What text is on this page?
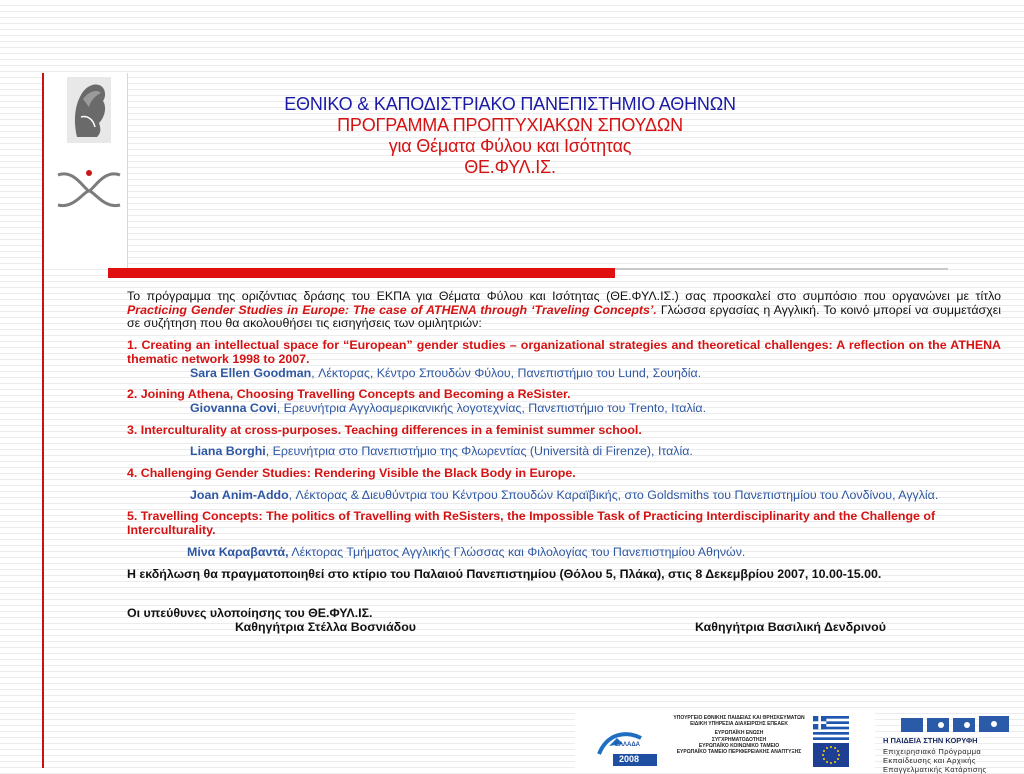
ΕΘΝΙΚΟ & ΚΑΠΟΔΙΣΤΡΙΑΚΟ ΠΑΝΕΠΙΣΤΗΜΙΟ ΑΘΗΝΩΝ
ΠΡΟΓΡΑΜΜΑ ΠΡΟΠΤΥΧΙΑΚΩΝ ΣΠΟΥΔΩΝ
για Θέματα Φύλου και Ισότητας
ΘΕ.ΦΥΛ.ΙΣ.

Το πρόγραμμα της οριζόντιας δράσης του ΕΚΠΑ για Θέματα Φύλου και Ισότητας (ΘΕ.ΦΥΛ.ΙΣ.) σας προσκαλεί στο συμπόσιο που οργανώνει με τίτλο Practicing Gender Studies in Europe: The case of ATHENA through ‘Traveling Concepts’. Γλώσσα εργασίας η Αγγλική. Το κοινό μπορεί να συμμετάσχει σε συζήτηση που θα ακολουθήσει τις εισηγήσεις των ομιλητριών:

1. Creating an intellectual space for “European” gender studies – organizational strategies and theoretical challenges: A reflection on the ATHENA thematic network 1998 to 2007.

Sara Ellen Goodman, Λέκτορας, Κέντρο Σπουδών Φύλου, Πανεπιστήμιο του Lund, Σουηδία.

2. Joining Athena, Choosing Travelling Concepts and Becoming a ReSister.

Giovanna Covi, Ερευνήτρια Αγγλοαμερικανικής λογοτεχνίας, Πανεπιστήμιο του Trento, Ιταλία.

3. Interculturality at cross-purposes. Teaching differences in a feminist summer school.

Liana Borghi, Ερευνήτρια στο Πανεπιστήμιο της Φλωρεντίας (Università di Firenze), Ιταλία.

4. Challenging Gender Studies: Rendering Visible the Black Body in Europe.

Joan Anim-Addo, Λέκτορας & Διευθύντρια του Κέντρου Σπουδών Καραϊβικής, στο Goldsmiths του Πανεπιστημίου του Λονδίνου, Αγγλία.

5. Travelling Concepts: The politics of Travelling with ReSisters, the Impossible Task of Practicing Interdisciplinarity and the Challenge of Interculturality.

Μίνα Καραβαντά, Λέκτορας Τμήματος Αγγλικής Γλώσσας και Φιλολογίας του Πανεπιστημίου Αθηνών.

Η εκδήλωση θα πραγματοποιηθεί στο κτίριο του Παλαιού Πανεπιστημίου (Θόλου 5, Πλάκα), στις 8 Δεκεμβρίου 2007, 10.00-15.00.

Οι υπεύθυνες υλοποίησης του ΘΕ.ΦΥΛ.ΙΣ.

Καθηγήτρια Στέλλα Βοσνιάδου	Καθηγήτρια Βασιλική Δενδρινού
ΕΛΛΑΔΑ
2008
ΥΠΟΥΡΓΕΙΟ ΕΘΝΙΚΗΣ ΠΑΙΔΕΙΑΣ ΚΑΙ ΘΡΗΣΚΕΥΜΑΤΩΝ
ΕΙΔΙΚΗ ΥΠΗΡΕΣΙΑ ΔΙΑΧΕΙΡΙΣΗΣ ΕΠΕΑΕΚ
ΕΥΡΩΠΑΪΚΗ ΕΝΩΣΗ
ΣΥΓΧΡΗΜΑΤΟΔΟΤΗΣΗ
ΕΥΡΩΠΑΪΚΟ ΚΟΙΝΩΝΙΚΟ ΤΑΜΕΙΟ
ΕΥΡΩΠΑΪΚΟ ΤΑΜΕΙΟ ΠΕΡΙΦΕΡΕΙΑΚΗΣ ΑΝΑΠΤΥΞΗΣ
Η ΠΑΙΔΕΙΑ ΣΤΗΝ ΚΟΡΥΦΗ
Επιχειρησιακό Πρόγραμμα
Εκπαίδευσης και Αρχικής
Επαγγελματικής Κατάρτισης
